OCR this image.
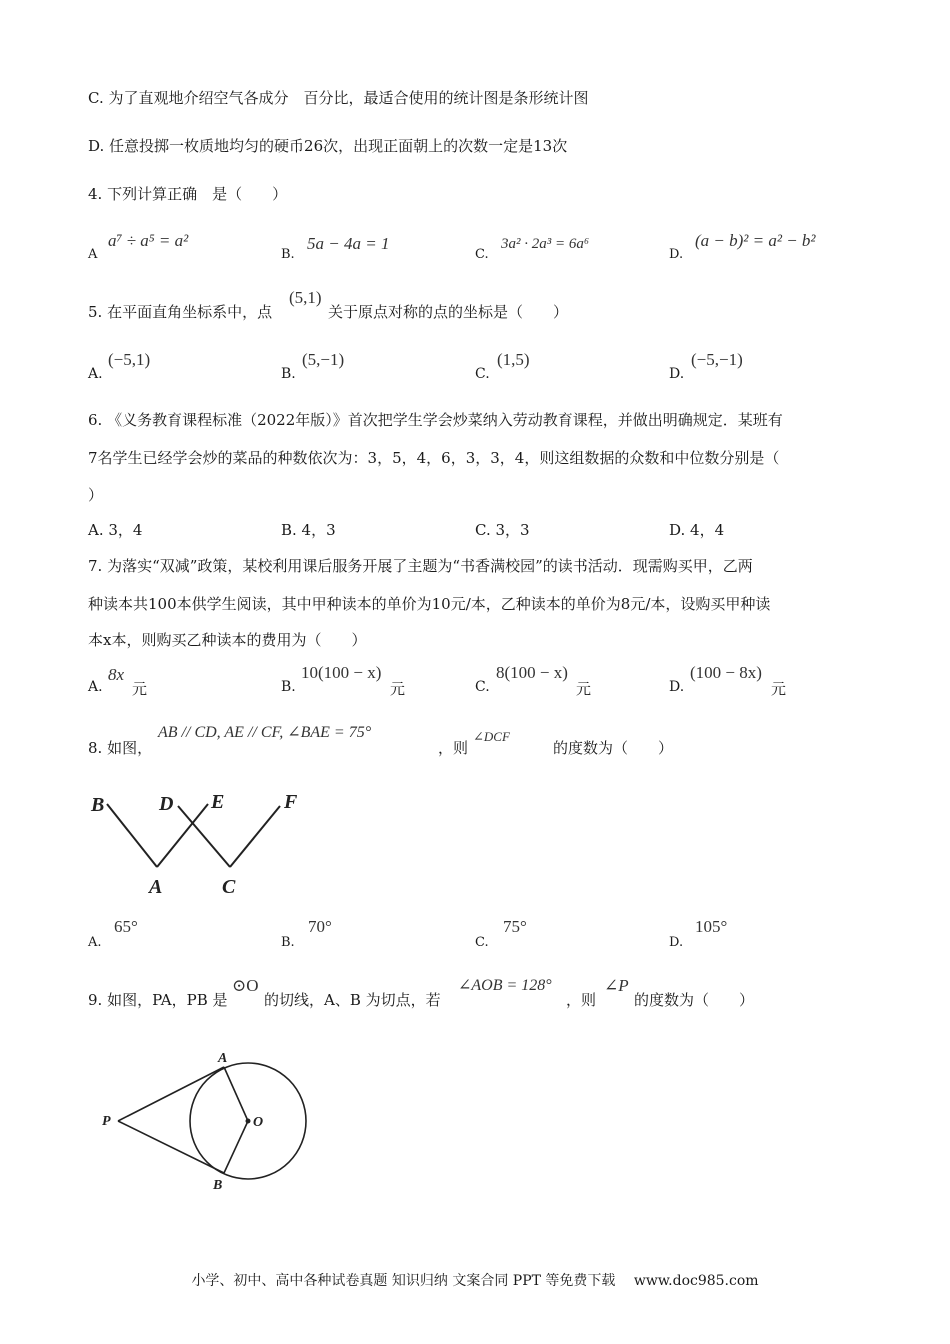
C. 为了直观地介绍空气各成分　百分比，最适合使用的统计图是条形统计图
D. 任意投掷一枚质地均匀的硬币26次，出现正面朝上的次数一定是13次
4. 下列计算正确　是（　　）
A
a⁷ ÷ a⁵ = a²
B.
5a − 4a = 1
C.
3a² · 2a³ = 6a⁶
D.
(a − b)² = a² − b²
5. 在平面直角坐标系中，点
(5,1)
关于原点对称的点的坐标是（　　）
A.
(−5,1)
B.
(5,−1)
C.
(1,5)
D.
(−5,−1)
6. 《义务教育课程标准（2022年版）》首次把学生学会炒菜纳入劳动教育课程，并做出明确规定．某班有
7名学生已经学会炒的菜品的种数依次为：3，5，4，6，3，3，4，则这组数据的众数和中位数分别是（
）
A. 3，4	B. 4，3	C. 3，3	D. 4，4
7. 为落实“双减”政策，某校利用课后服务开展了主题为“书香满校园”的读书活动．现需购买甲，乙两
种读本共100本供学生阅读，其中甲种读本的单价为10元/本，乙种读本的单价为8元/本，设购买甲种读
本x本，则购买乙种读本的费用为（　　）
A.
8x
元	B.
10(100 − x)
元	C.
8(100 − x)
元	D.
(100 − 8x)
元
8. 如图，
AB // CD, AE // CF, ∠BAE = 75°
，则
∠DCF
的度数为（　　）
B	D E	F
A	C
A.
65°
B.
70°
C.
75°
D.
105°
9. 如图，PA，PB 是
⊙O
的切线，A、B 为切点，若
∠AOB = 128°
，则
∠P
的度数为（　　）
A
B
P	O
小学、初中、高中各种试卷真题 知识归纳 文案合同 PPT 等免费下载　 www.doc985.com
